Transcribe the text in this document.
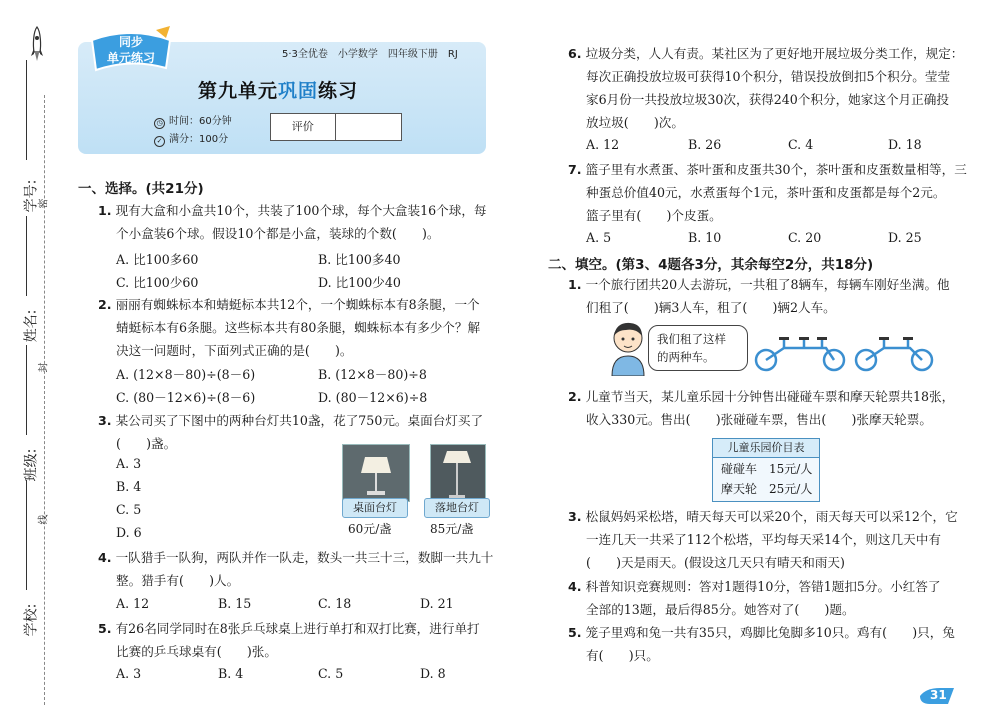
学号:
姓名:
班级:
学校:
密
封
线
同步
单元练习	5·3全优卷　小学数学　四年级下册　RJ
第九单元巩固练习
◷ 时间：60分钟
✓ 满分：100分
评价
一、选择。(共21分)
1. 现有大盒和小盒共10个，共装了100个球，每个大盒装16个球，每
个小盒装6个球。假设10个都是小盒，装球的个数(　　)。
A. 比100多60	B. 比100多40
C. 比100少60	D. 比100少40
2. 丽丽有蜘蛛标本和蜻蜓标本共12个，一个蜘蛛标本有8条腿，一个
蜻蜓标本有6条腿。这些标本共有80条腿，蜘蛛标本有多少个？解
决这一问题时，下面列式正确的是(　　)。
A. (12×8－80)÷(8－6)	B. (12×8－80)÷8
C. (80－12×6)÷(8－6)	D. (80－12×6)÷8
3. 某公司买了下图中的两种台灯共10盏，花了750元。桌面台灯买了
(　　)盏。
A. 3
B. 4
C. 5
D. 6
桌面台灯	落地台灯
60元/盏	85元/盏
4. 一队猎手一队狗，两队并作一队走，数头一共三十三，数脚一共九十
整。猎手有(　　)人。
A. 12	B. 15	C. 18	D. 21
5. 有26名同学同时在8张乒乓球桌上进行单打和双打比赛，进行单打
比赛的乒乓球桌有(　　)张。
A. 3	B. 4	C. 5	D. 8
6. 垃圾分类，人人有责。某社区为了更好地开展垃圾分类工作，规定：
每次正确投放垃圾可获得10个积分，错误投放倒扣5个积分。莹莹
家6月份一共投放垃圾30次，获得240个积分，她家这个月正确投
放垃圾(　　)次。
A. 12	B. 26	C. 4	D. 18
7. 篮子里有水煮蛋、茶叶蛋和皮蛋共30个，茶叶蛋和皮蛋数量相等，三
种蛋总价值40元，水煮蛋每个1元，茶叶蛋和皮蛋都是每个2元。
篮子里有(　　)个皮蛋。
A. 5	B. 10	C. 20	D. 25
二、填空。(第3、4题各3分，其余每空2分，共18分)
1. 一个旅行团共20人去游玩，一共租了8辆车，每辆车刚好坐满。他
们租了(　　)辆3人车，租了(　　)辆2人车。
我们租了这样
的两种车。
2. 儿童节当天，某儿童乐园十分钟售出碰碰车票和摩天轮票共18张，
收入330元。售出(　　)张碰碰车票，售出(　　)张摩天轮票。
儿童乐园价目表
碰碰车　15元/人
摩天轮　25元/人
3. 松鼠妈妈采松塔，晴天每天可以采20个，雨天每天可以采12个，它
一连几天一共采了112个松塔，平均每天采14个，则这几天中有
(　　)天是雨天。(假设这几天只有晴天和雨天)
4. 科普知识竞赛规则：答对1题得10分，答错1题扣5分。小红答了
全部的13题，最后得85分。她答对了(　　)题。
5. 笼子里鸡和兔一共有35只，鸡脚比兔脚多10只。鸡有(　　)只，兔
有(　　)只。
31
